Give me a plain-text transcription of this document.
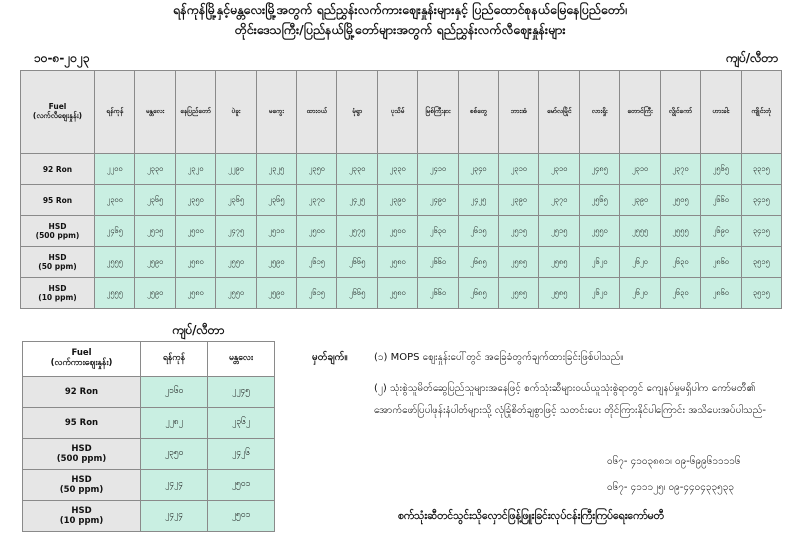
ရန်ကုန်မြို့နှင့်မန္တလေးမြို့အတွက် ရည်ညွှန်းလက်ကားဈေးနှုန်းများနှင့် ပြည်ထောင်စုနယ်မြေနေပြည်တော်၊
တိုင်းဒေသကြီး/ပြည်နယ်မြို့တော်များအတွက် ရည်ညွှန်းလက်လီဈေးနှုန်းများ
၁၀-၈-၂၀၂၃	ကျပ်/လီတာ
Fuel
(လက်လီဈေးနှုန်း)	ရန်ကုန်	မန္တလေး	နေပြည်တော်	ပဲခူး	မကွေး	ထားဝယ်	မုံရွာ	ပုသိမ်	မြစ်ကြီးနား	စစ်တွေ	ဘားအံ	မော်လမြိုင်	လားရှိုး	တောင်ကြီး	လွိုင်ကော်	ဟားခါး	ကျိုင်းတုံ
92 Ron	၂၂၀၀	၂၃၃၀	၂၃၂၀	၂၂၉၀	၂၃၂၅	၂၃၅၀	၂၃၃၀	၂၃၃၀	၂၄၁၀	၂၃၄၀	၂၃၁၀	၂၃၁၀	၂၄၈၅	၂၃၁၀	၂၃၇၀	၂၅၆၅	၃၃၁၅
95 Ron	၂၃၀၀	၂၃၆၅	၂၃၅၀	၂၃၆၅	၂၃၆၅	၂၃၇၀	၂၄၂၅	၂၃၉၀	၂၄၉၀	၂၄၂၅	၂၃၉၀	၂၃၇၀	၂၅၆၅	၂၃၉၀	၂၅၀၅	၂၆၆၀	၃၄၁၅
HSD
(500 ppm)	၂၄၆၅	၂၅၁၅	၂၅၀၀	၂၄၇၅	၂၅၁၀	၂၅၀၀	၂၅၇၅	၂၅၀၀	၂၆၃၀	၂၆၁၅	၂၅၁၅	၂၅၁၅	၂၅၅၀	၂၅၅၅	၂၅၅၅	၂၆၉၀	၃၄၁၅
HSD
(50 ppm)	၂၅၅၅	၂၅၉၀	၂၅၈၀	၂၅၅၀	၂၅၉၀	၂၆၁၅	၂၆၆၅	၂၅၈၀	၂၆၆၀	၂၆၈၅	၂၅၈၅	၂၅၈၅	၂၆၂၀	၂၆၂၀	၂၆၃၀	၂၈၆၀	၃၅၁၅
HSD
(10 ppm)	၂၅၅၅	၂၅၉၀	၂၅၈၀	၂၅၅၀	၂၅၉၀	၂၆၁၅	၂၆၆၅	၂၅၈၀	၂၆၆၀	၂၆၈၅	၂၅၈၅	၂၅၈၅	၂၆၂၀	၂၆၂၀	၂၆၃၀	၂၈၆၀	၃၅၁၅
ကျပ်/လီတာ
Fuel
(လက်ကားဈေးနှုန်း)	ရန်ကုန်	မန္တလေး
92 Ron	၂၁၆၀	၂၂၄၅
95 Ron	၂၂၈၂	၂၃၆၂
HSD
(500 ppm)	၂၃၅၀	၂၄၂၆
HSD
(50 ppm)	၂၄၂၄	၂၅၀၁
HSD
(10 ppm)	၂၄၂၄	၂၅၀၁
မှတ်ချက်။	(၁) MOPS ဈေးနှုန်းပေါ်တွင် အခြေခံတွက်ချက်ထားခြင်းဖြစ်ပါသည်။
(၂) သုံးစွဲသူမိတ်ဆွေပြည်သူများအနေဖြင့် စက်သုံးဆီများဝယ်ယူသုံးစွဲရာတွင် ကျေနပ်မှုမရှိပါက ကော်မတီ၏ အောက်ဖော်ပြပါဖုန်းနံပါတ်များသို့ လုံခြုံစိတ်ချစွာဖြင့် သတင်းပေး တိုင်ကြားနိုင်ပါကြောင်း အသိပေးအပ်ပါသည်-
၀၆၇- ၄၁၀၃၈၈၁၊ ၀၉-၆၉၉၆၁၁၁၁၆
၀၆၇- ၄၁၁၁၂၅၊ ၀၉-၄၄၀၄၃၃၅၃၃
စက်သုံးဆီတင်သွင်းသိုလှောင်ဖြန့်ဖြူးခြင်းလုပ်ငန်းကြီးကြပ်ရေးကော်မတီ
